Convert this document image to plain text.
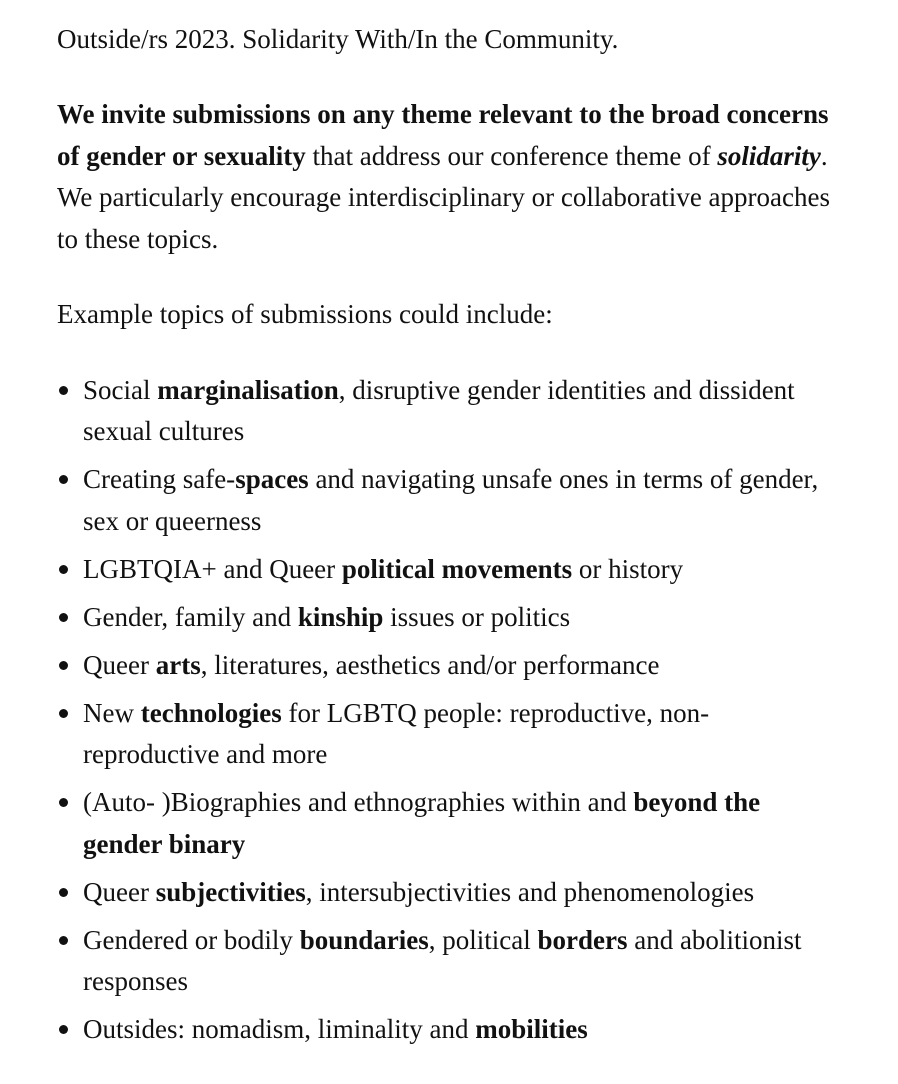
Outside/rs 2023. Solidarity With/In the Community.

We invite submissions on any theme relevant to the broad concerns of gender or sexuality that address our conference theme of solidarity. We particularly encourage interdisciplinary or collaborative approaches to these topics.

Example topics of submissions could include:

Social marginalisation, disruptive gender identities and dissident sexual cultures
Creating safe-spaces and navigating unsafe ones in terms of gender, sex or queerness
LGBTQIA+ and Queer political movements or history
Gender, family and kinship issues or politics
Queer arts, literatures, aesthetics and/or performance
New technologies for LGBTQ people: reproductive, non-reproductive and more
(Auto- )Biographies and ethnographies within and beyond the gender binary
Queer subjectivities, intersubjectivities and phenomenologies
Gendered or bodily boundaries, political borders and abolitionist responses
Outsides: nomadism, liminality and mobilities
